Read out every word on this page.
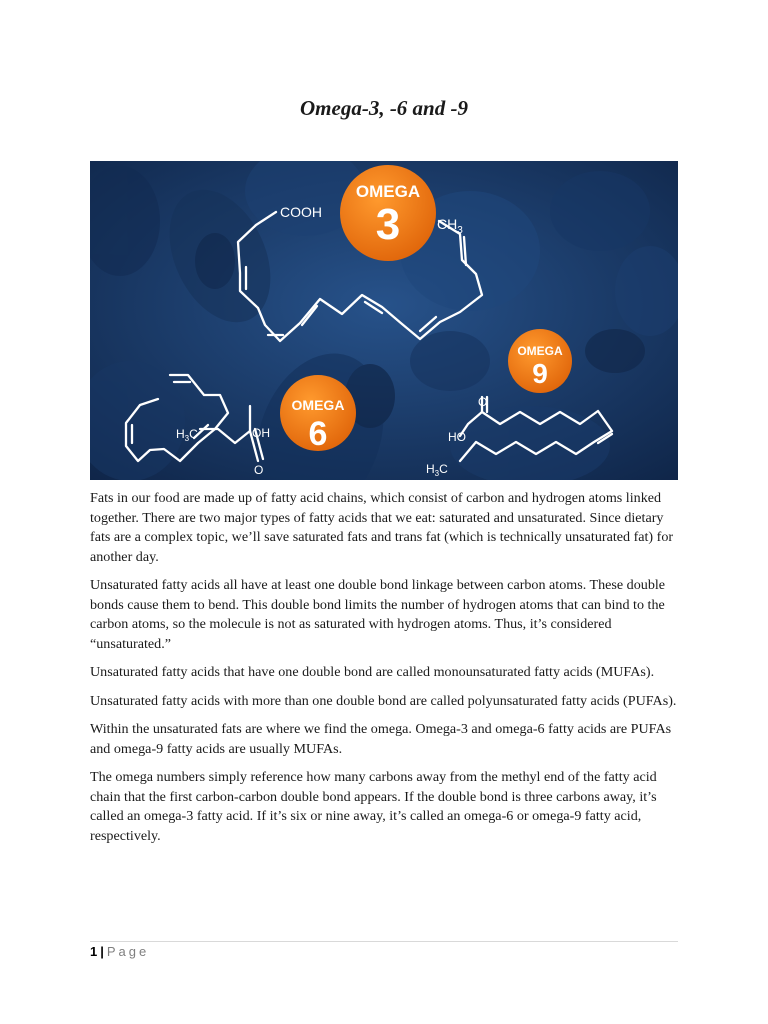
Omega-3, -6 and -9
COOH
$CH_3$
$H_3C$	OH
O
O
HO
$H_3C$
OMEGA
3
OMEGA
6
OMEGA
9

Fats in our food are made up of fatty acid chains, which consist of carbon and hydrogen atoms linked together. There are two major types of fatty acids that we eat: saturated and unsaturated. Since dietary fats are a complex topic, we’ll save saturated fats and trans fat (which is technically unsaturated fat) for another day.

Unsaturated fatty acids all have at least one double bond linkage between carbon atoms. These double bonds cause them to bend. This double bond limits the number of hydrogen atoms that can bind to the carbon atoms, so the molecule is not as saturated with hydrogen atoms. Thus, it’s considered “unsaturated.”

Unsaturated fatty acids that have one double bond are called monounsaturated fatty acids (MUFAs).

Unsaturated fatty acids with more than one double bond are called polyunsaturated fatty acids (PUFAs).

Within the unsaturated fats are where we find the omega. Omega-3 and omega-6 fatty acids are PUFAs and omega-9 fatty acids are usually MUFAs.

The omega numbers simply reference how many carbons away from the methyl end of the fatty acid chain that the first carbon-carbon double bond appears. If the double bond is three carbons away, it’s called an omega-3 fatty acid. If it’s six or nine away, it’s called an omega-6 or omega-9 fatty acid, respectively.

1 | Page
